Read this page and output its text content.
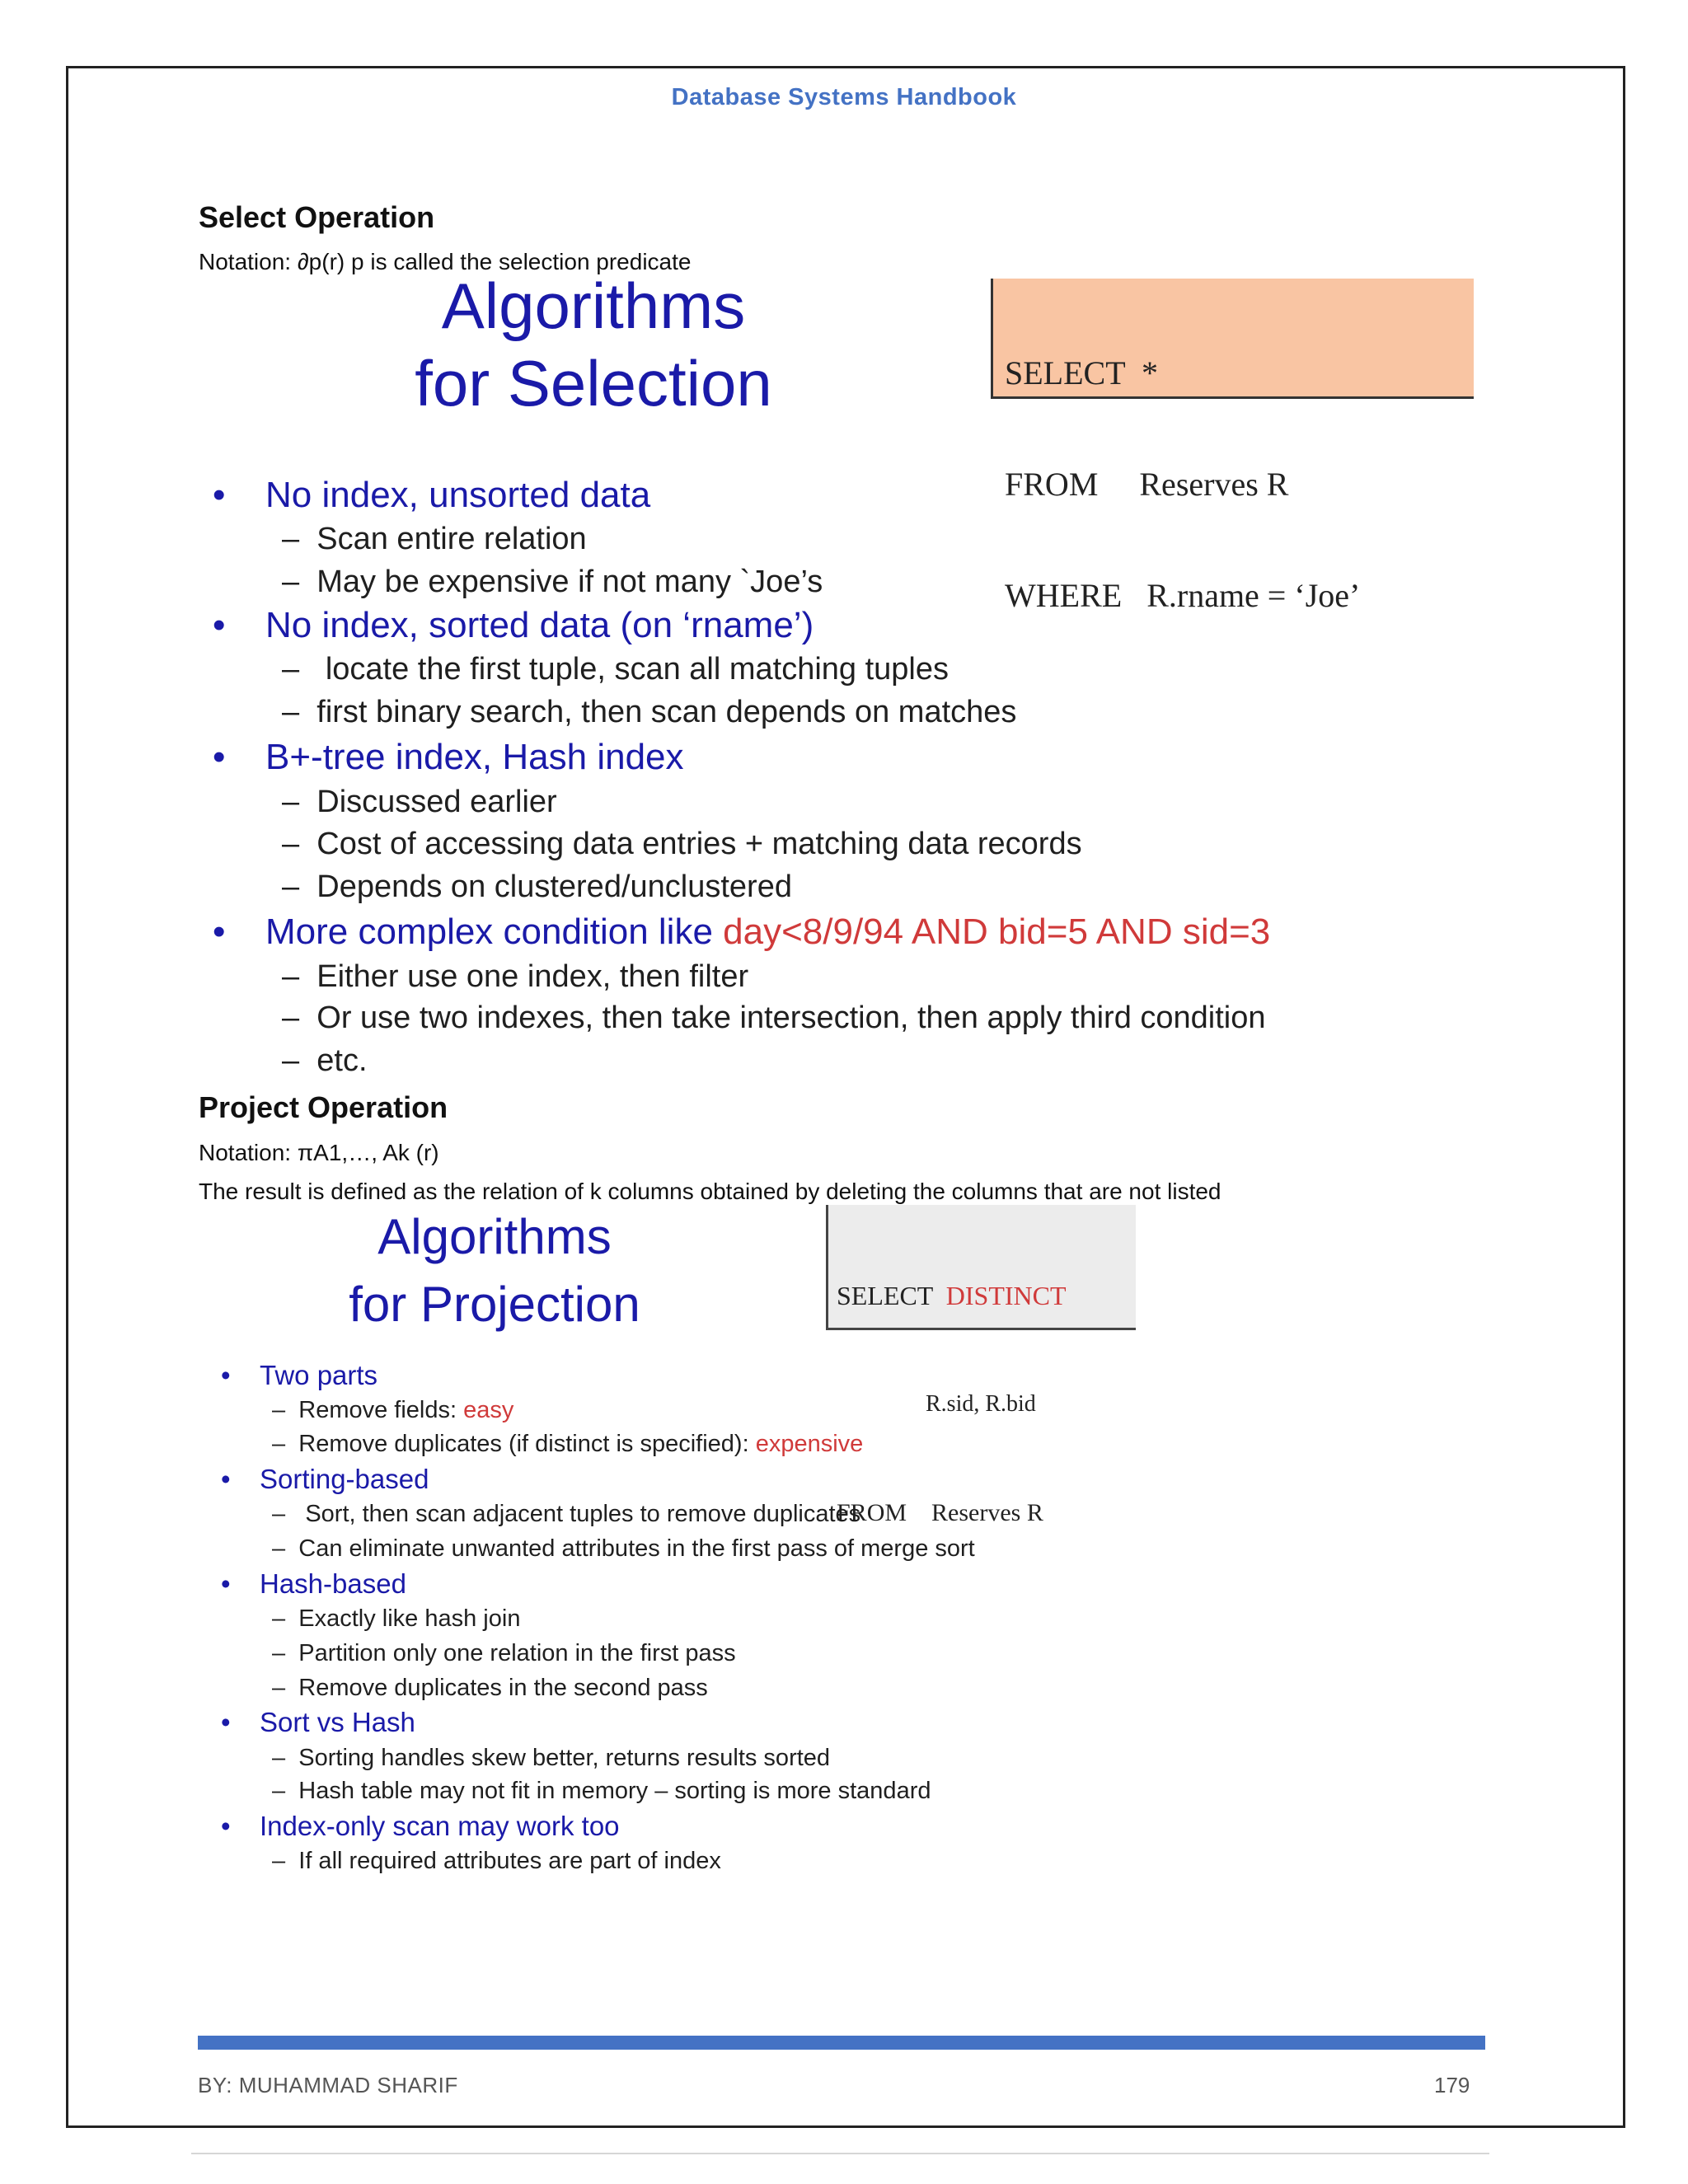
Database Systems Handbook
Select Operation
Notation: ∂p(r) p is called the selection predicate
Algorithms
for Selection

	SELECT  *

FROM     Reserves R

WHERE   R.rname = ‘Joe’

• No index, unsorted data
– Scan entire relation
– May be expensive if not many `Joe’s
• No index, sorted data (on ‘rname’)
–   locate the first tuple, scan all matching tuples
– first binary search, then scan depends on matches
• B+-tree index, Hash index
– Discussed earlier
– Cost of accessing data entries + matching data records
– Depends on clustered/unclustered
• More complex condition like day<8/9/94 AND bid=5 AND sid=3
– Either use one index, then filter
– Or use two indexes, then take intersection, then apply third condition
– etc.
Project Operation
Notation: πA1,…, Ak (r)
The result is defined as the relation of k columns obtained by deleting the columns that are not listed
Algorithms
for Projection

	SELECT DISTINCT

R.sid, R.bid

FROM    Reserves R

• Two parts
– Remove fields: easy
– Remove duplicates (if distinct is specified): expensive
• Sorting-based
–   Sort, then scan adjacent tuples to remove duplicates
– Can eliminate unwanted attributes in the first pass of merge sort
• Hash-based
– Exactly like hash join
– Partition only one relation in the first pass
– Remove duplicates in the second pass
• Sort vs Hash
– Sorting handles skew better, returns results sorted
– Hash table may not fit in memory – sorting is more standard
• Index-only scan may work too
– If all required attributes are part of index
BY: MUHAMMAD SHARIF	179
